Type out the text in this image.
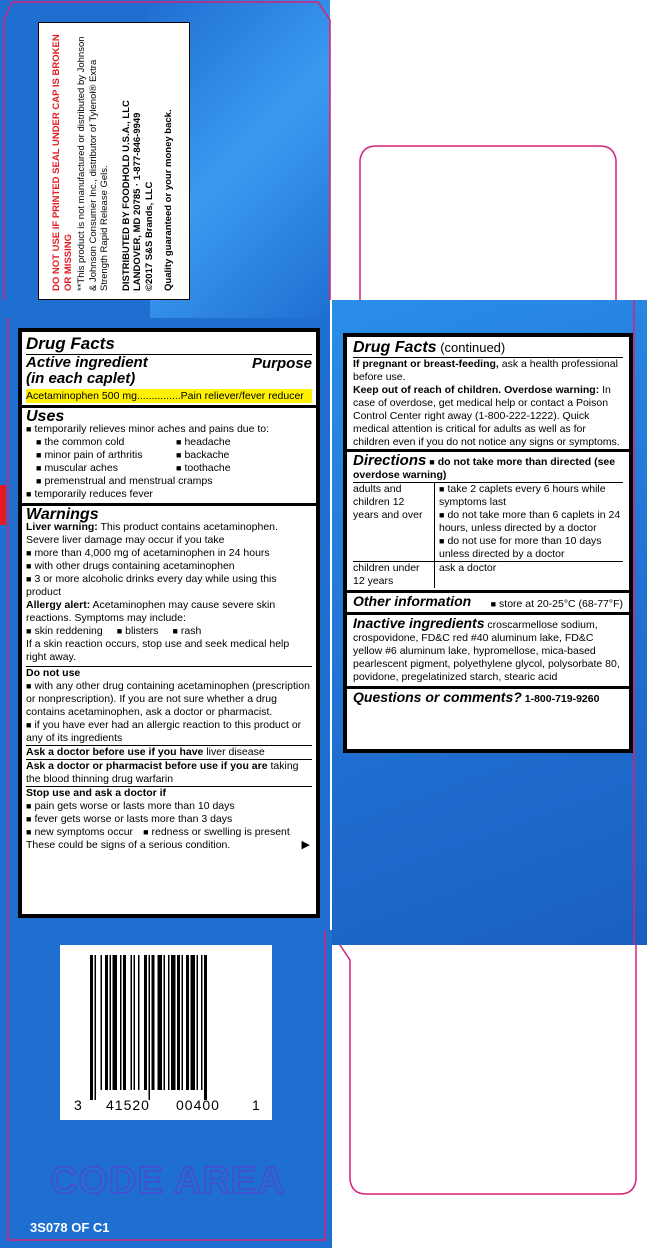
DO NOT USE IF PRINTED SEAL UNDER CAP IS BROKEN OR MISSING **This product is not manufactured or distributed by Johnson & Johnson Consumer Inc., distributor of Tylenol® Extra Strength Rapid Release Gels. DISTRIBUTED BY FOODHOLD U.S.A., LLC LANDOVER, MD 20785 · 1-877-846-9949 ©2017 S&S Brands, LLC Quality guaranteed or your money back.
Drug Facts
Active ingredient
(in each caplet)
Purpose
Acetaminophen 500 mg...............Pain reliever/fever reducer
Uses
■ temporarily relieves minor aches and pains due to:
■ the common cold	■ headache
■ minor pain of arthritis	■ backache
■ muscular aches	■ toothache
■ premenstrual and menstrual cramps
■ temporarily reduces fever
Warnings
Liver warning: This product contains acetaminophen. Severe liver damage may occur if you take
■ more than 4,000 mg of acetaminophen in 24 hours
■ with other drugs containing acetaminophen
■ 3 or more alcoholic drinks every day while using this product
Allergy alert: Acetaminophen may cause severe skin reactions. Symptoms may include:
■ skin reddening	■ blisters	■ rash
If a skin reaction occurs, stop use and seek medical help right away.
Do not use
■ with any other drug containing acetaminophen (prescription or nonprescription). If you are not sure whether a drug contains acetaminophen, ask a doctor or pharmacist.
■ if you have ever had an allergic reaction to this product or any of its ingredients
Ask a doctor before use if you have liver disease
Ask a doctor or pharmacist before use if you are taking the blood thinning drug warfarin
Stop use and ask a doctor if
■ pain gets worse or lasts more than 10 days
■ fever gets worse or lasts more than 3 days
■ new symptoms occur	■ redness or swelling is present
These could be signs of a serious condition.	▶
Drug Facts (continued)
If pregnant or breast-feeding, ask a health professional before use.
Keep out of reach of children. Overdose warning: In case of overdose, get medical help or contact a Poison Control Center right away (1-800-222-1222). Quick medical attention is critical for adults as well as for children even if you do not notice any signs or symptoms.
Directions ■ do not take more than directed (see overdose warning)
adults and children 12 years and over
■ take 2 caplets every 6 hours while symptoms last
■ do not take more than 6 caplets in 24 hours, unless directed by a doctor
■ do not use for more than 10 days unless directed by a doctor
children under 12 years
ask a doctor
Other information	■ store at 20-25°C (68-77°F)
Inactive ingredients croscarmellose sodium, crospovidone, FD&C red #40 aluminum lake, FD&C yellow #6 aluminum lake, hypromellose, mica-based pearlescent pigment, polyethylene glycol, polysorbate 80, povidone, pregelatinized starch, stearic acid
Questions or comments? 1-800-719-9260
3 41520 00400 1
CODE AREA
3S078 OF C1
